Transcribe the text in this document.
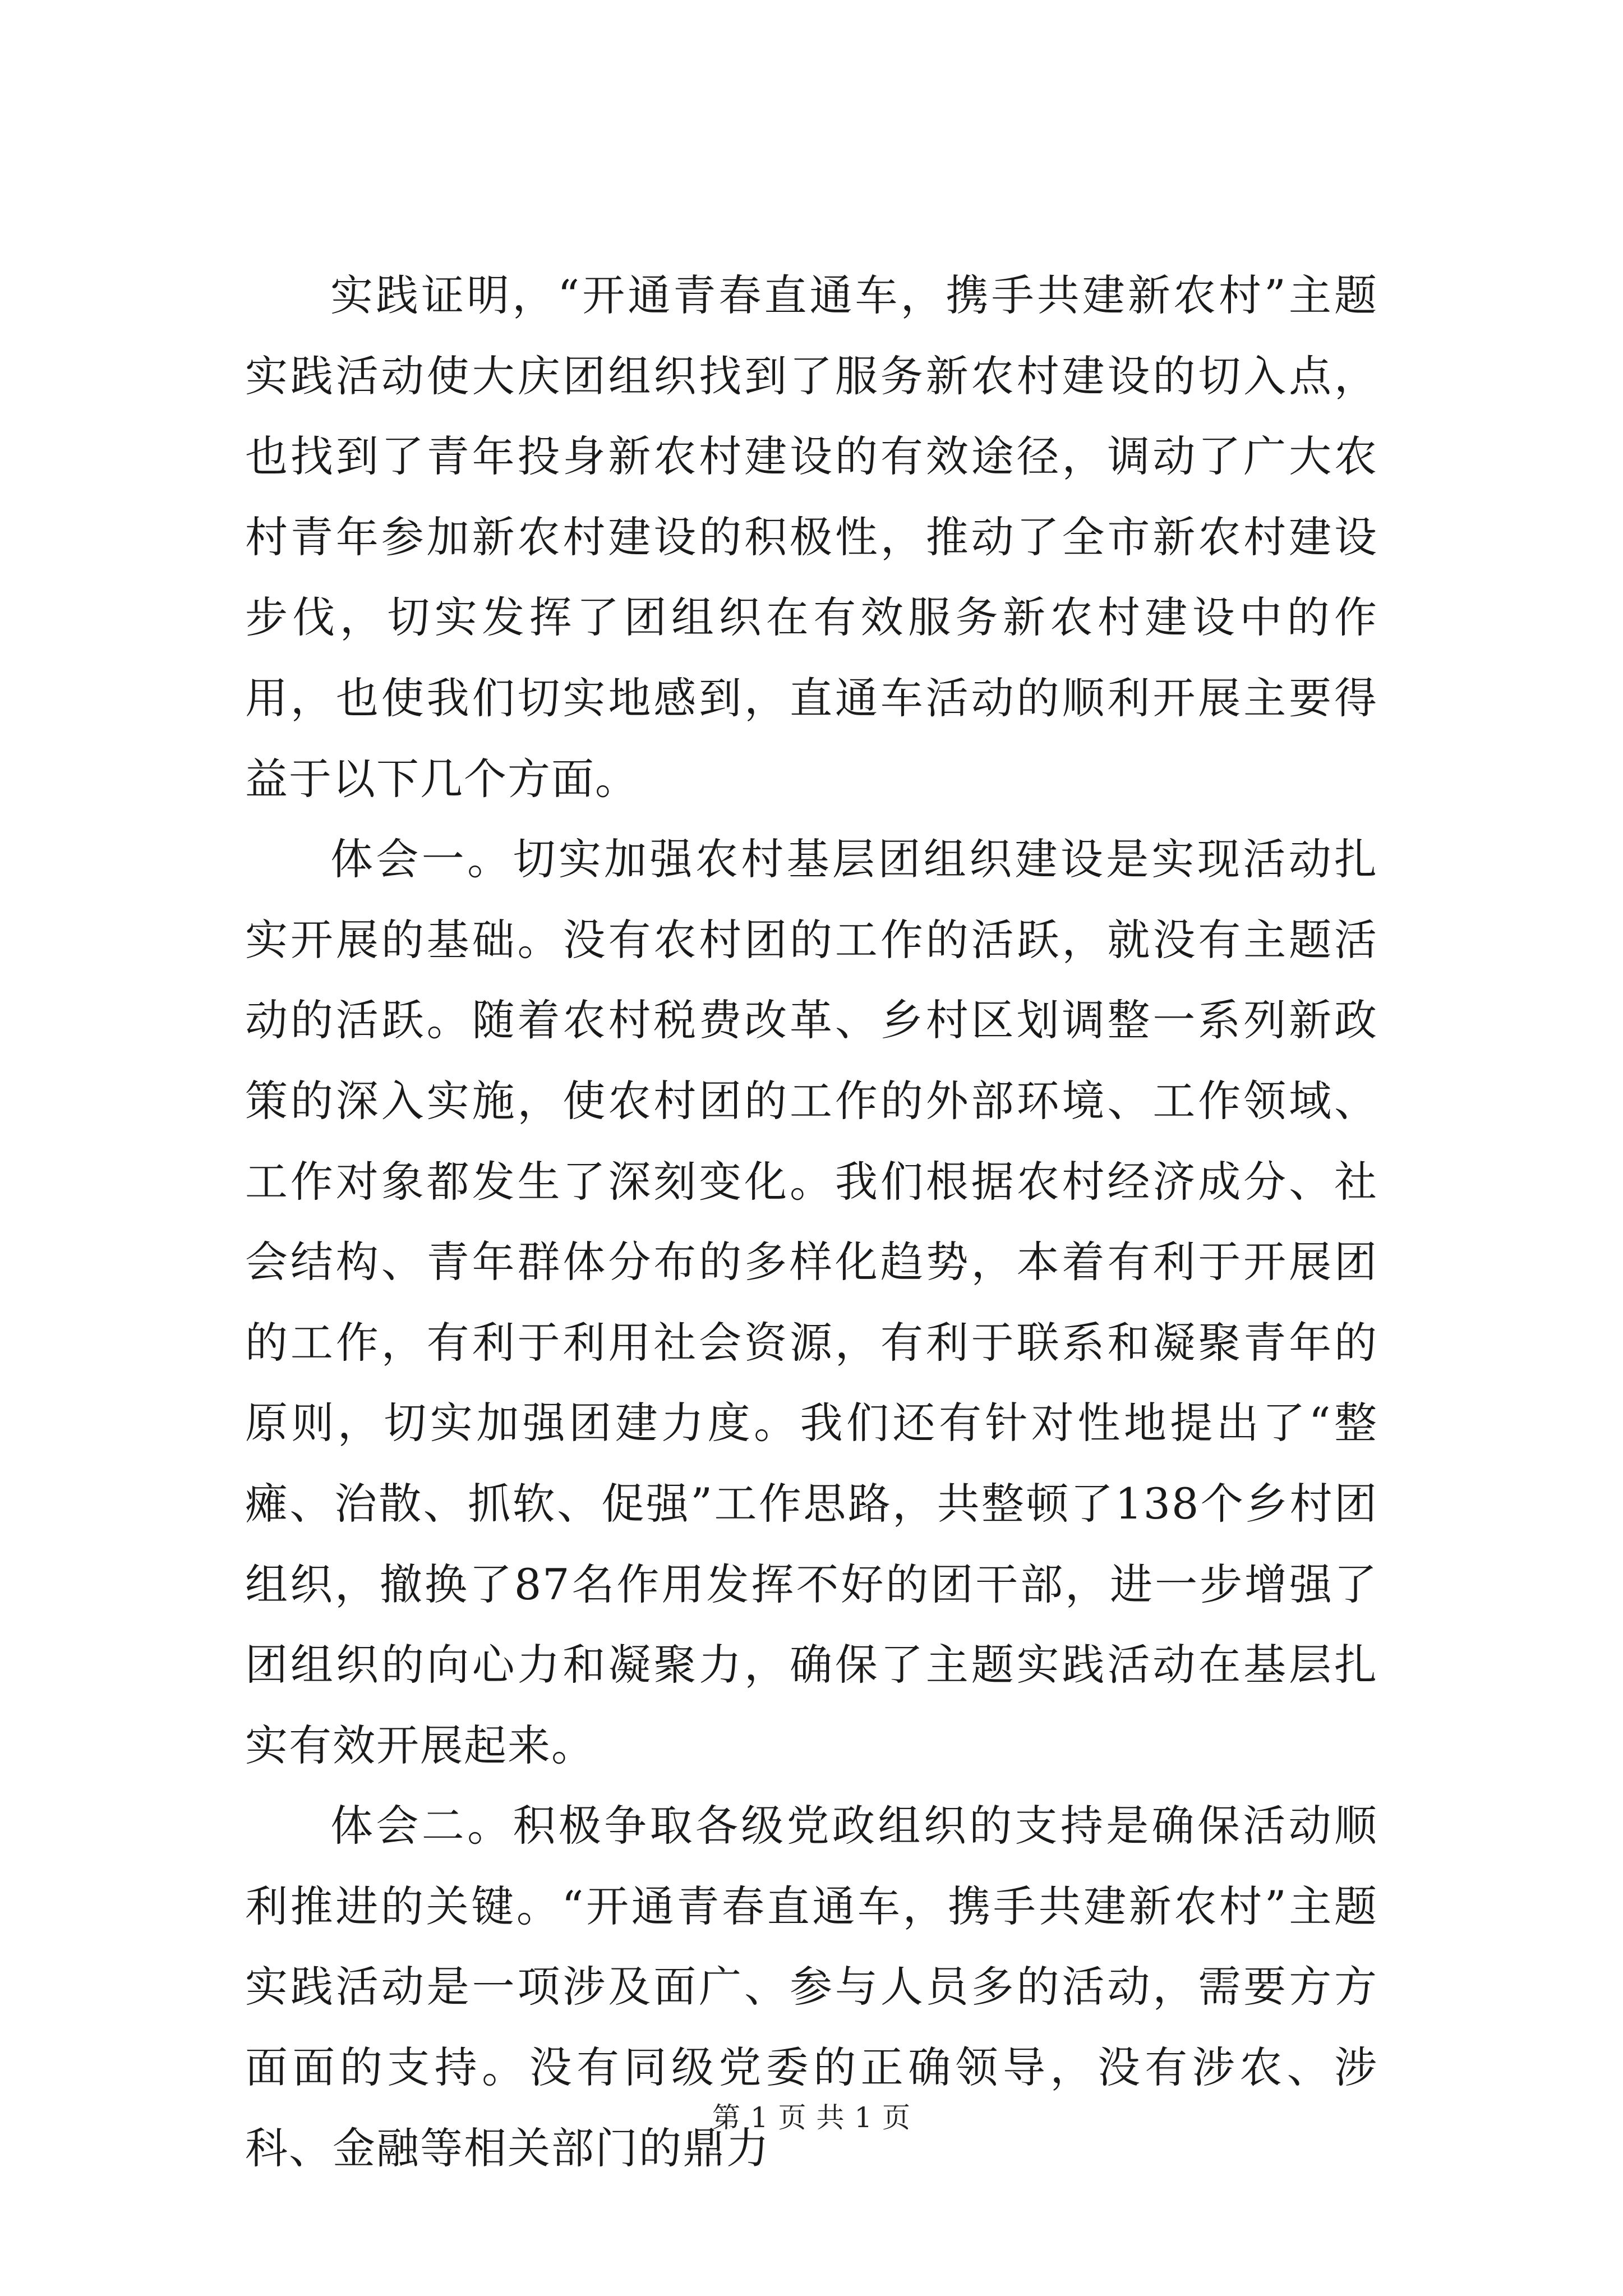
实践证明，“开通青春直通车，携手共建新农村”主题实践活动使大庆团组织找到了服务新农村建设的切入点，也找到了青年投身新农村建设的有效途径，调动了广大农村青年参加新农村建设的积极性，推动了全市新农村建设步伐，切实发挥了团组织在有效服务新农村建设中的作用，也使我们切实地感到，直通车活动的顺利开展主要得益于以下几个方面。

体会一。切实加强农村基层团组织建设是实现活动扎实开展的基础。没有农村团的工作的活跃，就没有主题活动的活跃。随着农村税费改革、乡村区划调整一系列新政策的深入实施，使农村团的工作的外部环境、工作领域、工作对象都发生了深刻变化。我们根据农村经济成分、社会结构、青年群体分布的多样化趋势，本着有利于开展团的工作，有利于利用社会资源，有利于联系和凝聚青年的原则，切实加强团建力度。我们还有针对性地提出了“整瘫、治散、抓软、促强”工作思路，共整顿了138个乡村团组织，撤换了87名作用发挥不好的团干部，进一步增强了团组织的向心力和凝聚力，确保了主题实践活动在基层扎实有效开展起来。

体会二。积极争取各级党政组织的支持是确保活动顺利推进的关键。“开通青春直通车，携手共建新农村”主题实践活动是一项涉及面广、参与人员多的活动，需要方方面面的支持。没有同级党委的正确领导，没有涉农、涉科、金融等相关部门的鼎力

第 1 页 共 1 页
